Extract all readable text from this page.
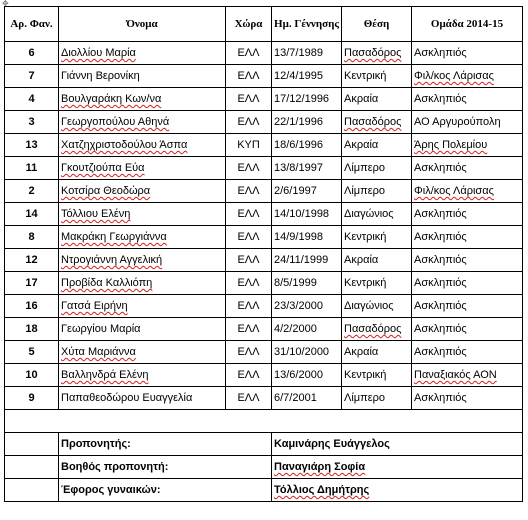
✥
Αρ. Φαν.	Όνομα	Χώρα	Ημ. Γέννησης	Θέση	Ομάδα 2014-15
6	Διολλίου Μαρία	ΕΛΛ	13/7/1989	Πασαδόρος	Ασκληπιός
7	Γιάννη Βερονίκη	ΕΛΛ	12/4/1995	Κεντρική	Φιλ/κος Λάρισας
4	Βουλγαράκη Κων/να	ΕΛΛ	17/12/1996	Ακραία	Ασκληπιός
3	Γεωργοπούλου Αθηνά	ΕΛΛ	22/1/1996	Πασαδόρος	ΑΟ Αργυρούπολη
13	Χατζηχριστοδούλου Άσπα	ΚΥΠ	18/6/1996	Ακραία	Άρης Πολεμίου
11	Γκουτζιούπα Εύα	ΕΛΛ	13/8/1997	Λίμπερο	Ασκληπιός
2	Κοτσίρα Θεοδώρα	ΕΛΛ	2/6/1997	Λίμπερο	Φιλ/κος Λάρισας
14	Τόλλιου Ελένη	ΕΛΛ	14/10/1998	Διαγώνιος	Ασκληπιός
8	Μακράκη Γεωργιάννα	ΕΛΛ	14/9/1998	Κεντρική	Ασκληπιός
12	Ντρογιάννη Αγγελική	ΕΛΛ	24/11/1999	Ακραία	Ασκληπιός
17	Προβίδα Καλλιόπη	ΕΛΛ	8/5/1999	Κεντρική	Ασκληπιός
16	Γατσά Ειρήνη	ΕΛΛ	23/3/2000	Διαγώνιος	Ασκληπιός
18	Γεωργίου Μαρία	ΕΛΛ	4/2/2000	Πασαδόρος	Ασκληπιός
5	Χύτα Μαριάννα	ΕΛΛ	31/10/2000	Ακραία	Ασκληπιός
10	Βαλληνδρά Ελένη	ΕΛΛ	13/6/2000	Κεντρική	Παναξιακός ΑΟΝ
9	Παπαθεοδώρου Ευαγγελία	ΕΛΛ	6/7/2001	Λίμπερο	Ασκληπιός

	Προπονητής:		Καμινάρης Ευάγγελος		
	Βοηθός προπονητή:		Παναγιάρη Σοφία		
	Έφορος γυναικών:		Τόλλιος Δημήτρης		
